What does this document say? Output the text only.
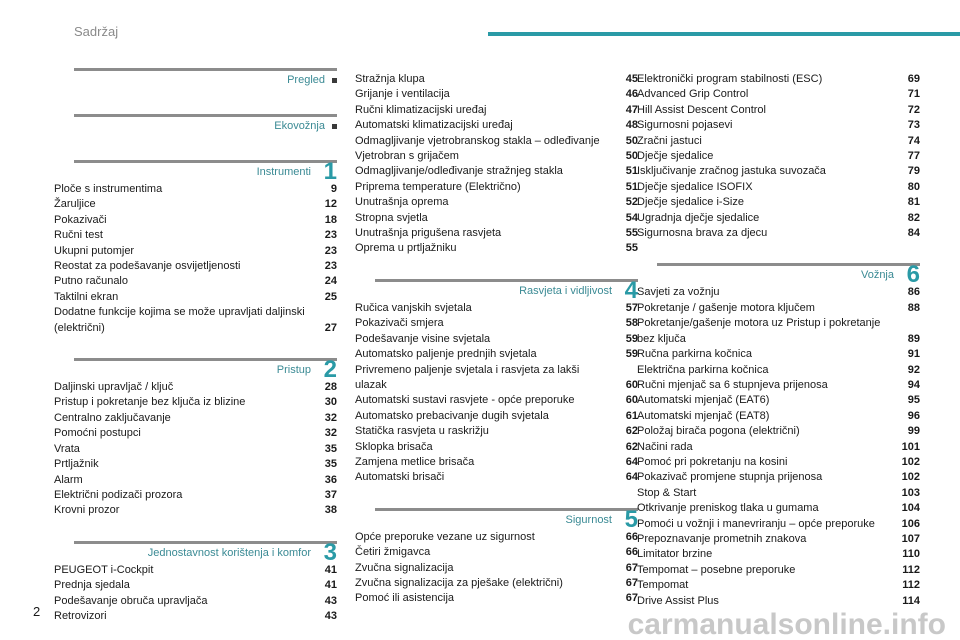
Sadržaj
Pregled
Ekovožnja
Instrumenti 1
Ploče s instrumentima	9
Žaruljice	12
Pokazivači	18
Ručni test	23
Ukupni putomjer	23
Reostat za podešavanje osvijetljenosti	23
Putno računalo	24
Taktilni ekran	25
Dodatne funkcije kojima se može upravljati daljinski (električni)	27
Pristup 2
Daljinski upravljač / ključ	28
Pristup i pokretanje bez ključa iz blizine	30
Centralno zaključavanje	32
Pomoćni postupci	32
Vrata	35
Prtljažnik	35
Alarm	36
Električni podizači prozora	37
Krovni prozor	38
Jednostavnost korištenja i komfor 3
PEUGEOT i-Cockpit	41
Prednja sjedala	41
Podešavanje obruča upravljača	43
Retrovizori	43
Stražnja klupa	45
Grijanje i ventilacija	46
Ručni klimatizacijski uređaj	47
Automatski klimatizacijski uređaj	48
Odmagljivanje vjetrobranskog stakla – odleđivanje 50
Vjetrobran s grijačem	50
Odmagljivanje/odleđivanje stražnjeg stakla	51
Priprema temperature (Električno)	51
Unutrašnja oprema	52
Stropna svjetla	54
Unutrašnja prigušena rasvjeta	55
Oprema u prtljažniku	55
Rasvjeta i vidljivost 4
Ručica vanjskih svjetala	57
Pokazivači smjera	58
Podešavanje visine svjetala	59
Automatsko paljenje prednjih svjetala	59
Privremeno paljenje svjetala i rasvjeta za lakši ulazak	60
Automatski sustavi rasvjete - opće preporuke	60
Automatsko prebacivanje dugih svjetala	61
Statička rasvjeta u raskrižju	62
Sklopka brisača	62
Zamjena metlice brisača	64
Automatski brisači	64
Sigurnost 5
Opće preporuke vezane uz sigurnost	66
Četiri žmigavca	66
Zvučna signalizacija	67
Zvučna signalizacija za pješake (električni)	67
Pomoć ili asistencija	67
Elektronički program stabilnosti (ESC)	69
Advanced Grip Control	71
Hill Assist Descent Control	72
Sigurnosni pojasevi	73
Zračni jastuci	74
Dječje sjedalice	77
Isključivanje zračnog jastuka suvozača	79
Dječje sjedalice ISOFIX	80
Dječje sjedalice i-Size	81
Ugradnja dječje sjedalice	82
Sigurnosna brava za djecu	84
Vožnja 6
Savjeti za vožnju	86
Pokretanje / gašenje motora ključem	88
Pokretanje/gašenje motora uz Pristup i pokretanje bez ključa	89
Ručna parkirna kočnica	91
Električna parkirna kočnica	92
Ručni mjenjač sa 6 stupnjeva prijenosa	94
Automatski mjenjač (EAT6)	95
Automatski mjenjač (EAT8)	96
Položaj birača pogona (električni)	99
Načini rada	101
Pomoć pri pokretanju na kosini	102
Pokazivač promjene stupnja prijenosa	102
Stop & Start	103
Otkrivanje preniskog tlaka u gumama	104
Pomoći u vožnji i manevriranju – opće preporuke 106
Prepoznavanje prometnih znakova	107
Limitator brzine	110
Tempomat – posebne preporuke	112
Tempomat	112
Drive Assist Plus	114
2	carmanualsonline.info
